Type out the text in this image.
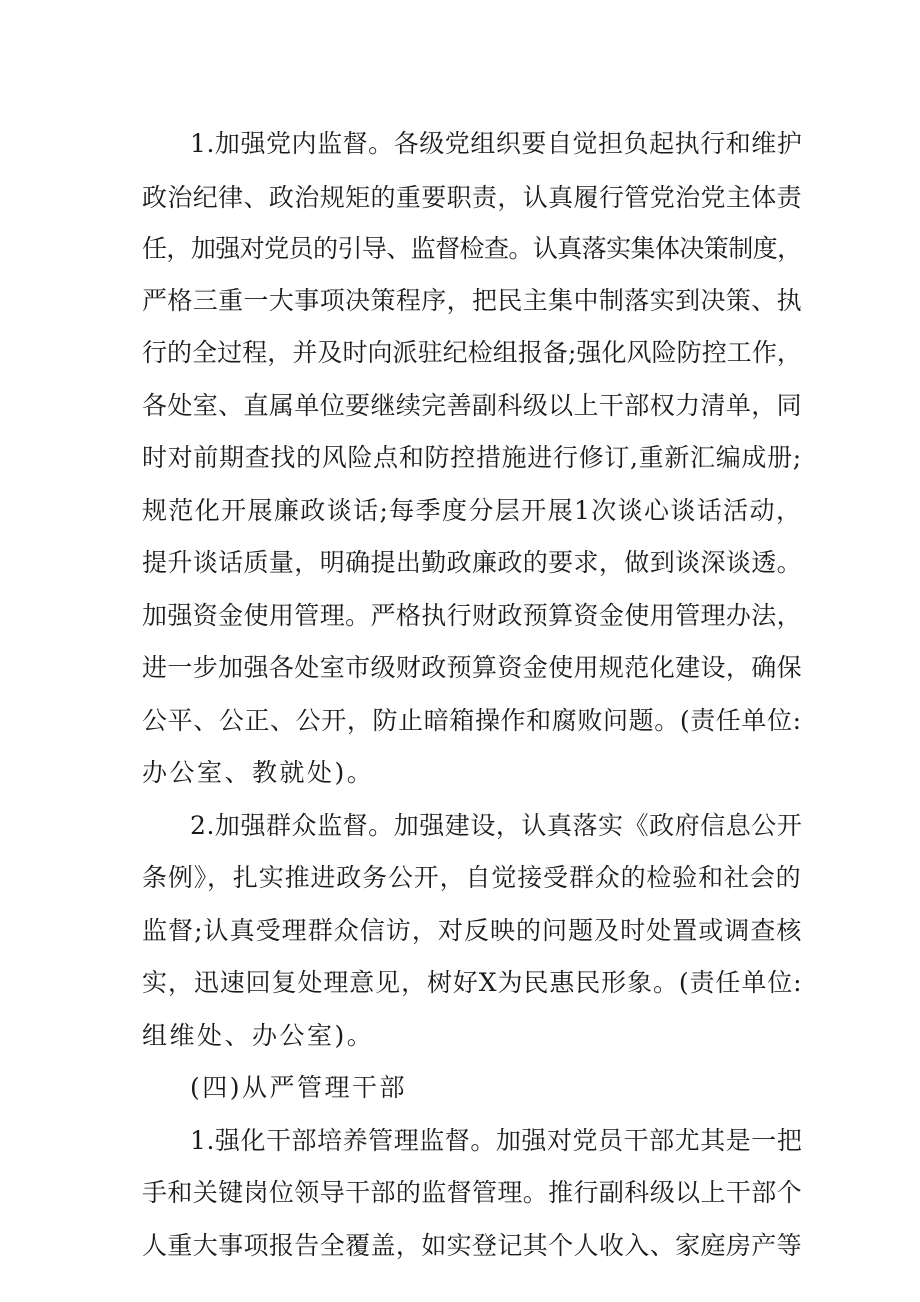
1.加强党内监督。各级党组织要自觉担负起执行和维护
政治纪律、政治规矩的重要职责，认真履行管党治党主体责
任，加强对党员的引导、监督检查。认真落实集体决策制度，
严格三重一大事项决策程序，把民主集中制落实到决策、执
行的全过程，并及时向派驻纪检组报备;强化风险防控工作，
各处室、直属单位要继续完善副科级以上干部权力清单，同
时对前期查找的风险点和防控措施进行修订,重新汇编成册;
规范化开展廉政谈话;每季度分层开展1次谈心谈话活动，
提升谈话质量，明确提出勤政廉政的要求，做到谈深谈透。
加强资金使用管理。严格执行财政预算资金使用管理办法，
进一步加强各处室市级财政预算资金使用规范化建设，确保
公平、公正、公开，防止暗箱操作和腐败问题。(责任单位:
办公室、教就处)。
2.加强群众监督。加强建设，认真落实《政府信息公开
条例》，扎实推进政务公开，自觉接受群众的检验和社会的
监督;认真受理群众信访，对反映的问题及时处置或调查核
实，迅速回复处理意见，树好X为民惠民形象。(责任单位:
组维处、办公室)。
(四)从严管理干部
1.强化干部培养管理监督。加强对党员干部尤其是一把
手和关键岗位领导干部的监督管理。推行副科级以上干部个
人重大事项报告全覆盖，如实登记其个人收入、家庭房产等
